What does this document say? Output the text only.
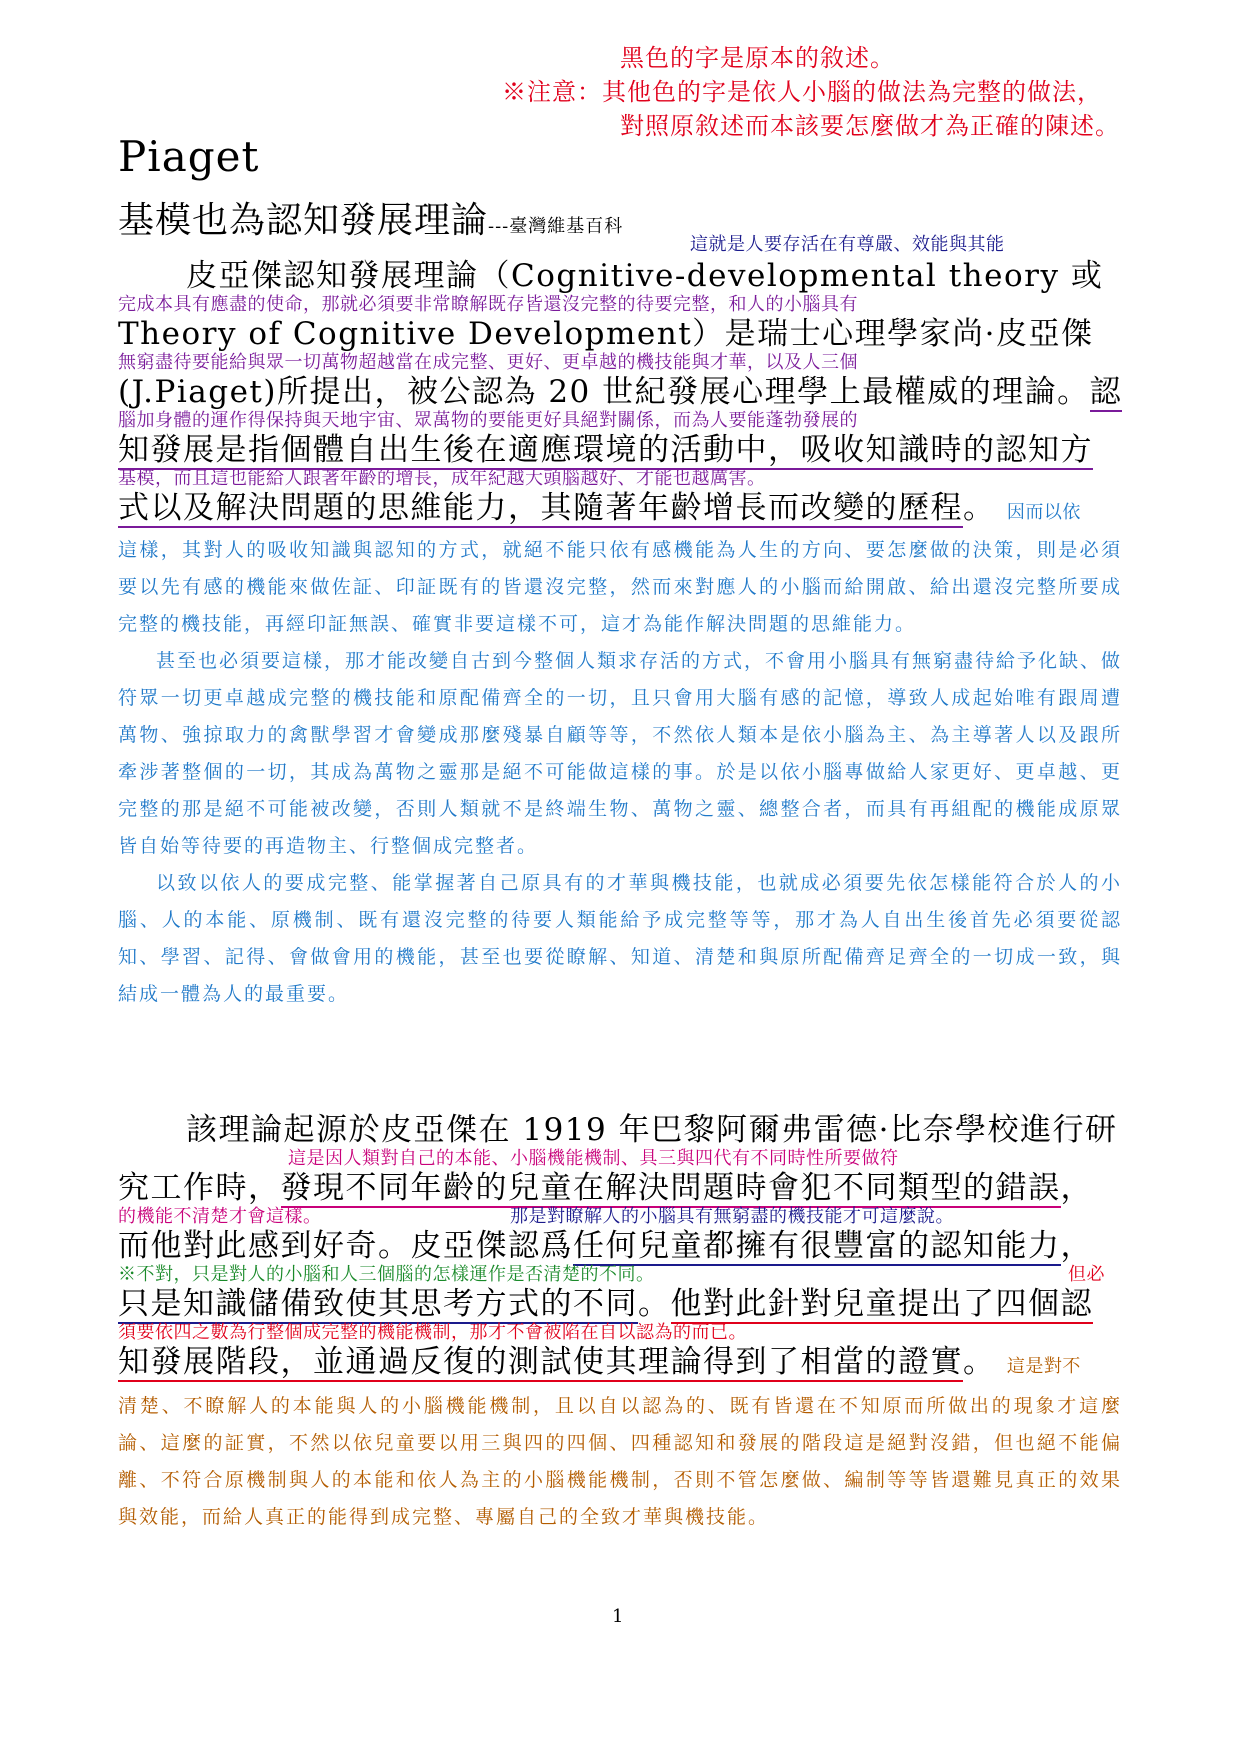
黑色的字是原本的敘述。
※注意：其他色的字是依人小腦的做法為完整的做法，
對照原敘述而本該要怎麼做才為正確的陳述。
Piaget
基模也為認知發展理論---臺灣維基百科
這就是人要存活在有尊嚴、效能與其能
皮亞傑認知發展理論（Cognitive-developmental theory 或
完成本具有應盡的使命，那就必須要非常瞭解既存皆還沒完整的待要完整，和人的小腦具有
Theory of Cognitive Development）是瑞士心理學家尚·皮亞傑
無窮盡待要能給與眾一切萬物超越當在成完整、更好、更卓越的機技能與才華，以及人三個
(J.Piaget)所提出，被公認為 20 世紀發展心理學上最權威的理論。認
腦加身體的運作得保持與天地宇宙、眾萬物的要能更好具絕對關係，而為人要能蓬勃發展的
知發展是指個體自出生後在適應環境的活動中，吸收知識時的認知方
基模，而且這也能給人跟著年齡的增長，成年紀越大頭腦越好、才能也越厲害。
式以及解決問題的思維能力，其隨著年齡增長而改變的歷程。 因而以依

這樣，其對人的吸收知識與認知的方式，就絕不能只依有感機能為人生的方向、要怎麼做的決策，則是必須要以先有感的機能來做佐証、印証既有的皆還沒完整，然而來對應人的小腦而給開啟、給出還沒完整所要成完整的機技能，再經印証無誤、確實非要這樣不可，這才為能作解決問題的思維能力。

甚至也必須要這樣，那才能改變自古到今整個人類求存活的方式，不會用小腦具有無窮盡待給予化缺、做符眾一切更卓越成完整的機技能和原配備齊全的一切，且只會用大腦有感的記憶，導致人成起始唯有跟周遭萬物、強掠取力的禽獸學習才會變成那麼殘暴自顧等等，不然依人類本是依小腦為主、為主導著人以及跟所牽涉著整個的一切，其成為萬物之靈那是絕不可能做這樣的事。於是以依小腦專做給人家更好、更卓越、更完整的那是絕不可能被改變，否則人類就不是終端生物、萬物之靈、總整合者，而具有再組配的機能成原眾皆自始等待要的再造物主、行整個成完整者。

以致以依人的要成完整、能掌握著自己原具有的才華與機技能，也就成必須要先依怎樣能符合於人的小腦、人的本能、原機制、既有還沒完整的待要人類能給予成完整等等，那才為人自出生後首先必須要從認知、學習、記得、會做會用的機能，甚至也要從瞭解、知道、清楚和與原所配備齊足齊全的一切成一致，與結成一體為人的最重要。

該理論起源於皮亞傑在 1919 年巴黎阿爾弗雷德·比奈學校進行研
這是因人類對自己的本能、小腦機能機制、具三與四代有不同時性所要做符
究工作時，發現不同年齡的兒童在解決問題時會犯不同類型的錯誤，
的機能不清楚才會這樣。	那是對瞭解人的小腦具有無窮盡的機技能才可這麼說。
而他對此感到好奇。皮亞傑認爲任何兒童都擁有很豐富的認知能力，
※不對，只是對人的小腦和人三個腦的怎樣運作是否清楚的不同。	但必
只是知識儲備致使其思考方式的不同。他對此針對兒童提出了四個認
須要依四之數為行整個成完整的機能機制，那才不會被陷在自以認為的而已。
知發展階段，並通過反復的測試使其理論得到了相當的證實。 這是對不

清楚、不瞭解人的本能與人的小腦機能機制，且以自以認為的、既有皆還在不知原而所做出的現象才這麼論、這麼的証實，不然以依兒童要以用三與四的四個、四種認知和發展的階段這是絕對沒錯，但也絕不能偏離、不符合原機制與人的本能和依人為主的小腦機能機制，否則不管怎麼做、編制等等皆還難見真正的效果與效能，而給人真正的能得到成完整、專屬自己的全致才華與機技能。

1
